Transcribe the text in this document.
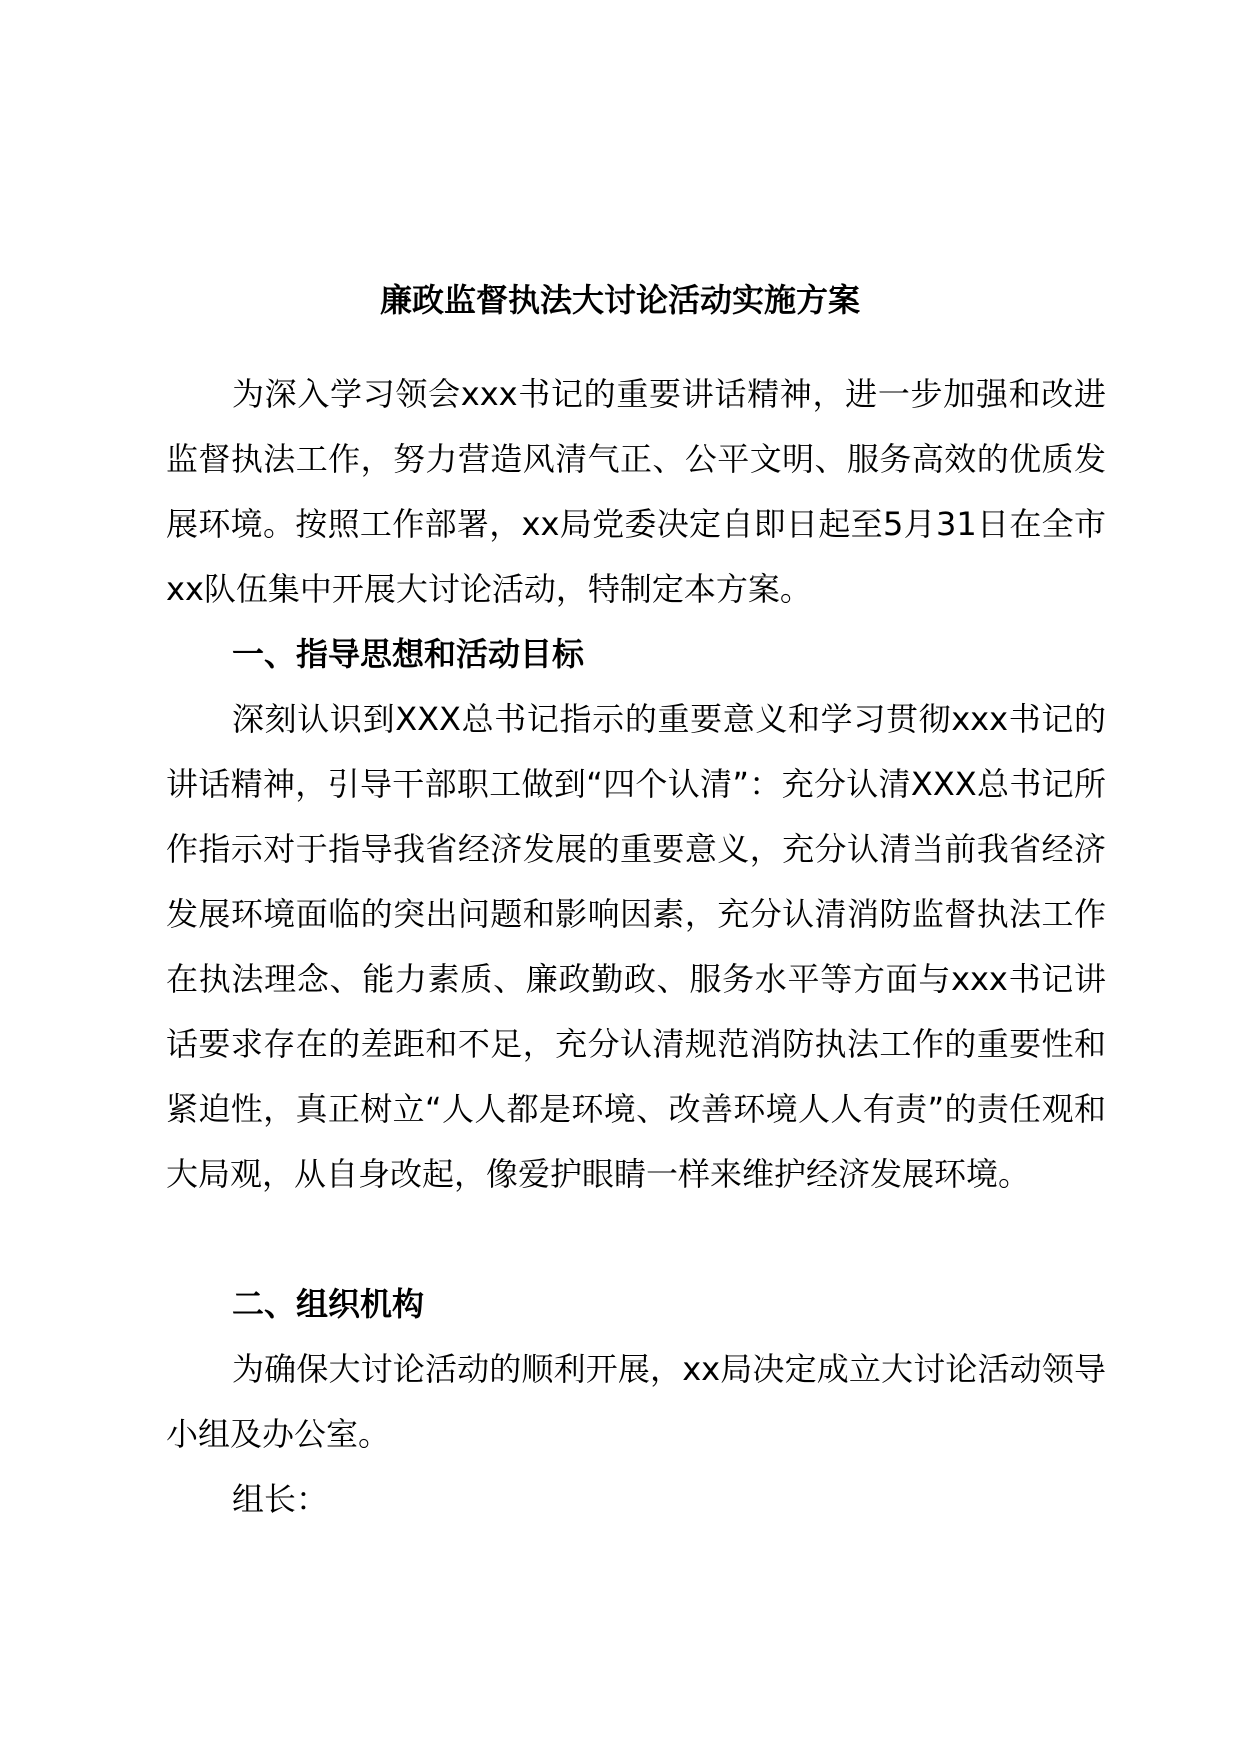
廉政监督执法大讨论活动实施方案

为深入学习领会xxx书记的重要讲话精神，进一步加强和改进监督执法工作，努力营造风清气正、公平文明、服务高效的优质发展环境。按照工作部署，xx局党委决定自即日起至5月31日在全市xx队伍集中开展大讨论活动，特制定本方案。

一、指导思想和活动目标

深刻认识到XXX总书记指示的重要意义和学习贯彻xxx书记的讲话精神，引导干部职工做到“四个认清”：充分认清XXX总书记所作指示对于指导我省经济发展的重要意义，充分认清当前我省经济发展环境面临的突出问题和影响因素，充分认清消防监督执法工作在执法理念、能力素质、廉政勤政、服务水平等方面与xxx书记讲话要求存在的差距和不足，充分认清规范消防执法工作的重要性和紧迫性，真正树立“人人都是环境、改善环境人人有责”的责任观和大局观，从自身改起，像爱护眼睛一样来维护经济发展环境。

二、组织机构

为确保大讨论活动的顺利开展，xx局决定成立大讨论活动领导小组及办公室。

组长：
